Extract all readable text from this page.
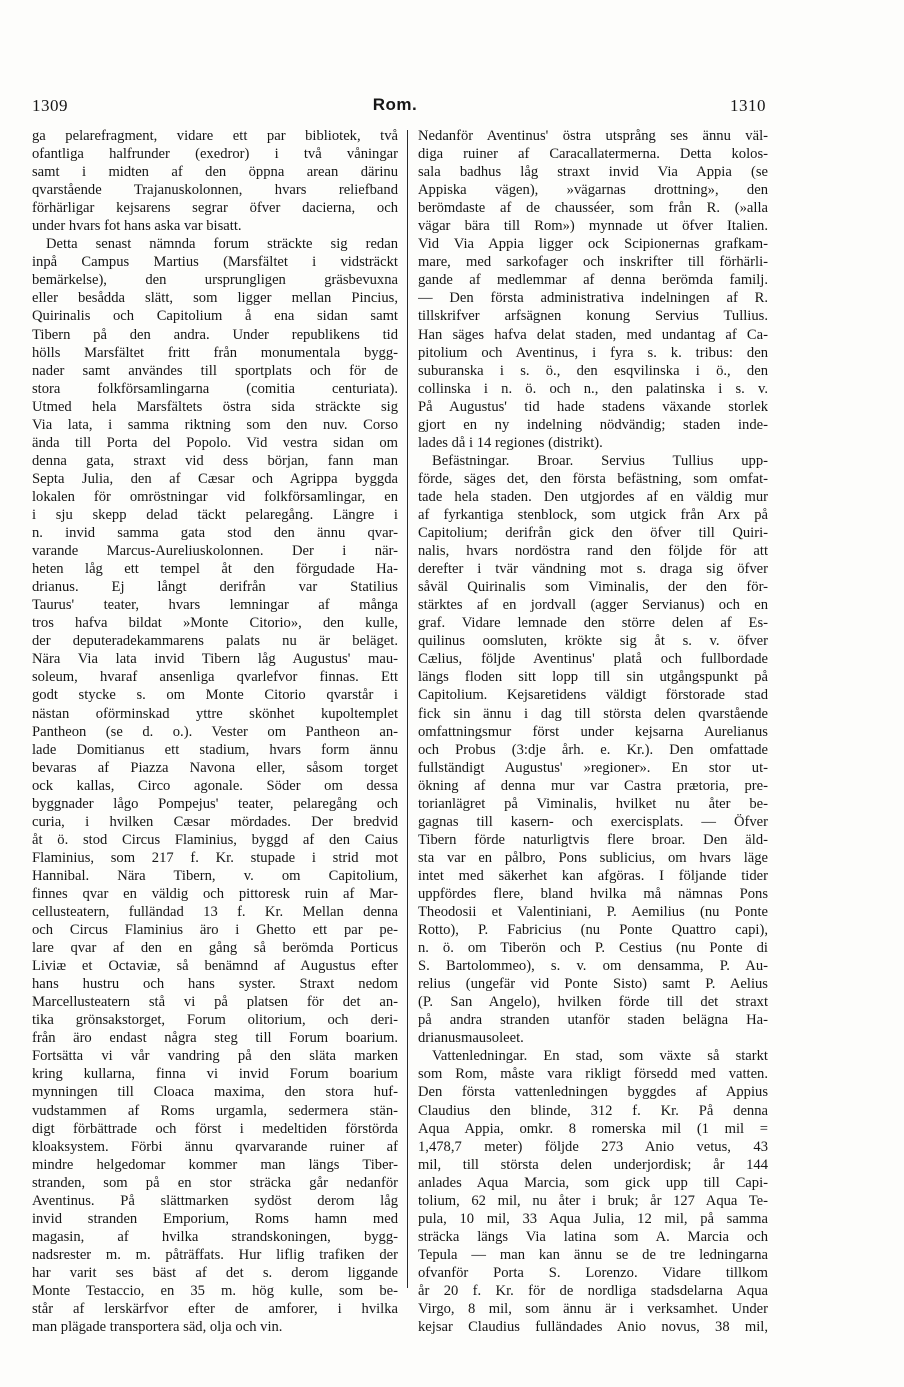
1309	Rom.	1310
ga pelarefragment, vidare ett par bibliotek, två
ofantliga halfrunder (exedror) i två våningar
samt i midten af den öppna arean därinu
qvarstående Trajanuskolonnen, hvars reliefband
förhärligar kejsarens segrar öfver dacierna, och
under hvars fot hans aska var bisatt.
Detta senast nämnda forum sträckte sig redan
inpå Campus Martius (Marsfältet i vidsträckt
bemärkelse), den ursprungligen gräsbevuxna
eller besådda slätt, som ligger mellan Pincius,
Quirinalis och Capitolium å ena sidan samt
Tibern på den andra. Under republikens tid
hölls Marsfältet fritt från monumentala bygg-
nader samt användes till sportplats och för de
stora folkförsamlingarna (comitia centuriata).
Utmed hela Marsfältets östra sida sträckte sig
Via lata, i samma riktning som den nuv. Corso
ända till Porta del Popolo. Vid vestra sidan om
denna gata, straxt vid dess början, fann man
Septa Julia, den af Cæsar och Agrippa byggda
lokalen för omröstningar vid folkförsamlingar, en
i sju skepp delad täckt pelaregång. Längre i
n. invid samma gata stod den ännu qvar-
varande Marcus-Aureliuskolonnen. Der i när-
heten låg ett tempel åt den förgudade Ha-
drianus. Ej långt derifrån var Statilius
Taurus' teater, hvars lemningar af många
tros hafva bildat »Monte Citorio», den kulle,
der deputeradekammarens palats nu är beläget.
Nära Via lata invid Tibern låg Augustus' mau-
soleum, hvaraf ansenliga qvarlefvor finnas. Ett
godt stycke s. om Monte Citorio qvarstår i
nästan oförminskad yttre skönhet kupoltemplet
Pantheon (se d. o.). Vester om Pantheon an-
lade Domitianus ett stadium, hvars form ännu
bevaras af Piazza Navona eller, såsom torget
ock kallas, Circo agonale. Söder om dessa
byggnader lågo Pompejus' teater, pelaregång och
curia, i hvilken Cæsar mördades. Der bredvid
åt ö. stod Circus Flaminius, byggd af den Caius
Flaminius, som 217 f. Kr. stupade i strid mot
Hannibal. Nära Tibern, v. om Capitolium,
finnes qvar en väldig och pittoresk ruin af Mar-
cellusteatern, fulländad 13 f. Kr. Mellan denna
och Circus Flaminius äro i Ghetto ett par pe-
lare qvar af den en gång så berömda Porticus
Liviæ et Octaviæ, så benämnd af Augustus efter
hans hustru och hans syster. Straxt nedom
Marcellusteatern stå vi på platsen för det an-
tika grönsakstorget, Forum olitorium, och deri-
från äro endast några steg till Forum boarium.
Fortsätta vi vår vandring på den släta marken
kring kullarna, finna vi invid Forum boarium
mynningen till Cloaca maxima, den stora huf-
vudstammen af Roms urgamla, sedermera stän-
digt förbättrade och först i medeltiden förstörda
kloaksystem. Förbi ännu qvarvarande ruiner af
mindre helgedomar kommer man längs Tiber-
stranden, som på en stor sträcka går nedanför
Aventinus. På slättmarken sydöst derom låg
invid stranden Emporium, Roms hamn med
magasin, af hvilka strandskoningen, bygg-
nadsrester m. m. påträffats. Hur liflig trafiken der
har varit ses bäst af det s. derom liggande
Monte Testaccio, en 35 m. hög kulle, som be-
står af lerskärfvor efter de amforer, i hvilka
man plägade transportera säd, olja och vin.
Nedanför Aventinus' östra utsprång ses ännu väl-
diga ruiner af Caracallatermerna. Detta kolos-
sala badhus låg straxt invid Via Appia (se
Appiska vägen), »vägarnas drottning», den
berömdaste af de chausséer, som från R. (»alla
vägar bära till Rom») mynnade ut öfver Italien.
Vid Via Appia ligger ock Scipionernas grafkam-
mare, med sarkofager och inskrifter till förhärli-
gande af medlemmar af denna berömda familj.
— Den första administrativa indelningen af R.
tillskrifver arfsägnen konung Servius Tullius.
Han säges hafva delat staden, med undantag af Ca-
pitolium och Aventinus, i fyra s. k. tribus: den
suburanska i s. ö., den esqvilinska i ö., den
collinska i n. ö. och n., den palatinska i s. v.
På Augustus' tid hade stadens växande storlek
gjort en ny indelning nödvändig; staden inde-
lades då i 14 regiones (distrikt).
Befästningar. Broar. Servius Tullius upp-
förde, säges det, den första befästning, som omfat-
tade hela staden. Den utgjordes af en väldig mur
af fyrkantiga stenblock, som utgick från Arx på
Capitolium; derifrån gick den öfver till Quiri-
nalis, hvars nordöstra rand den följde för att
derefter i tvär vändning mot s. draga sig öfver
såväl Quirinalis som Viminalis, der den för-
stärktes af en jordvall (agger Servianus) och en
graf. Vidare lemnade den större delen af Es-
quilinus oomsluten, krökte sig åt s. v. öfver
Cælius, följde Aventinus' platå och fullbordade
längs floden sitt lopp till sin utgångspunkt på
Capitolium. Kejsaretidens väldigt förstorade stad
fick sin ännu i dag till största delen qvarstående
omfattningsmur först under kejsarna Aurelianus
och Probus (3:dje årh. e. Kr.). Den omfattade
fullständigt Augustus' »regioner». En stor ut-
ökning af denna mur var Castra prætoria, pre-
torianlägret på Viminalis, hvilket nu åter be-
gagnas till kasern- och exercisplats. — Öfver
Tibern förde naturligtvis flere broar. Den äld-
sta var en pålbro, Pons sublicius, om hvars läge
intet med säkerhet kan afgöras. I följande tider
uppfördes flere, bland hvilka må nämnas Pons
Theodosii et Valentiniani, P. Aemilius (nu Ponte
Rotto), P. Fabricius (nu Ponte Quattro capi),
n. ö. om Tiberön och P. Cestius (nu Ponte di
S. Bartolommeo), s. v. om densamma, P. Au-
relius (ungefär vid Ponte Sisto) samt P. Aelius
(P. San Angelo), hvilken förde till det straxt
på andra stranden utanför staden belägna Ha-
drianusmausoleet.
Vattenledningar. En stad, som växte så starkt
som Rom, måste vara rikligt försedd med vatten.
Den första vattenledningen byggdes af Appius
Claudius den blinde, 312 f. Kr. På denna
Aqua Appia, omkr. 8 romerska mil (1 mil =
1,478,7 meter) följde 273 Anio vetus, 43
mil, till största delen underjordisk; år 144
anlades Aqua Marcia, som gick upp till Capi-
tolium, 62 mil, nu åter i bruk; år 127 Aqua Te-
pula, 10 mil, 33 Aqua Julia, 12 mil, på samma
sträcka längs Via latina som A. Marcia och
Tepula — man kan ännu se de tre ledningarna
ofvanför Porta S. Lorenzo. Vidare tillkom
år 20 f. Kr. för de nordliga stadsdelarna Aqua
Virgo, 8 mil, som ännu är i verksamhet. Under
kejsar Claudius fulländades Anio novus, 38 mil,
